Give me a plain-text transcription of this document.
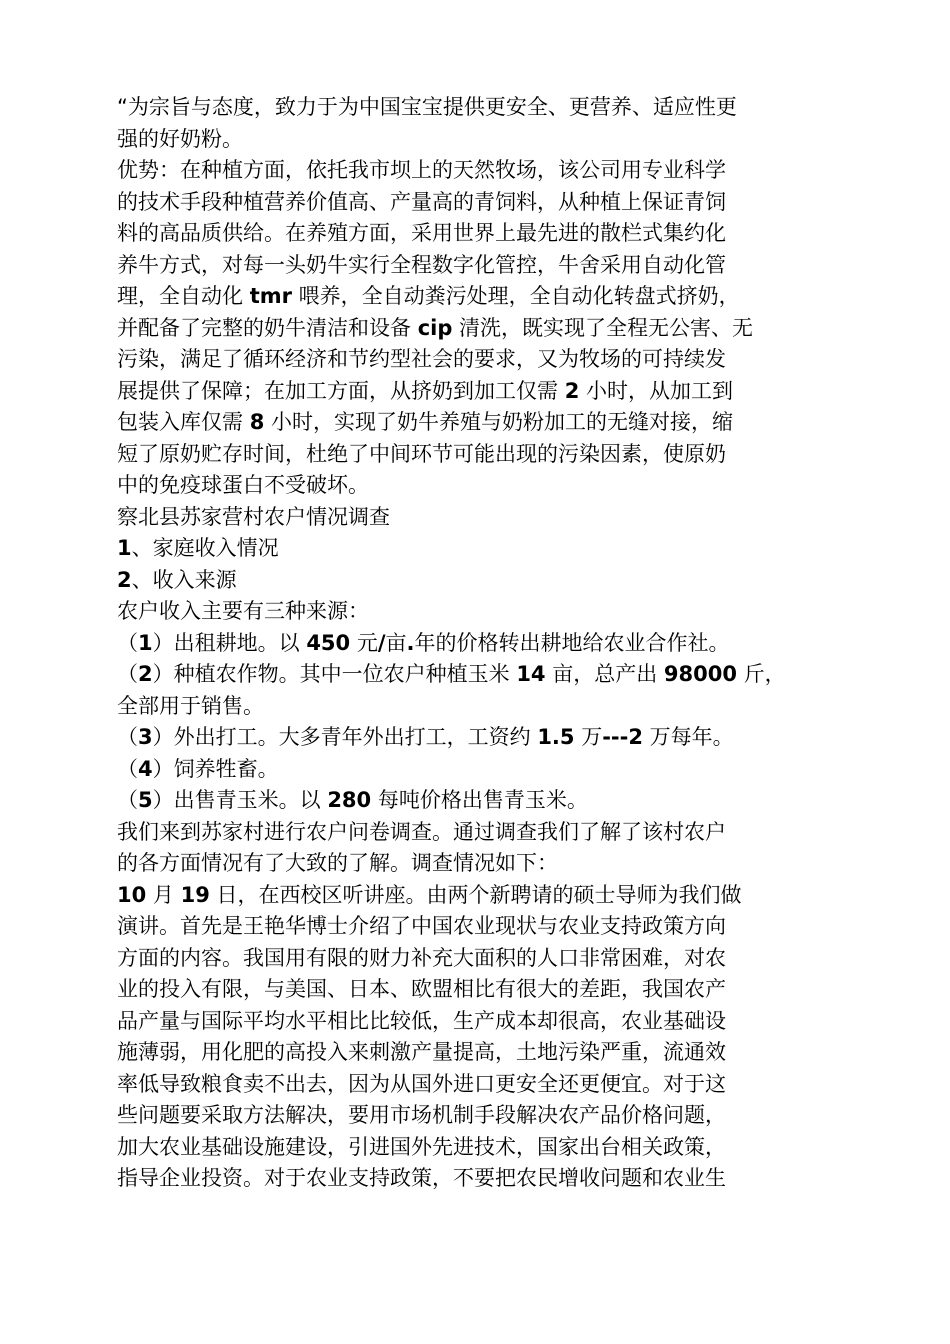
“为宗旨与态度，致力于为中国宝宝提供更安全、更营养、适应性更
强的好奶粉。
优势：在种植方面，依托我市坝上的天然牧场，该公司用专业科学
的技术手段种植营养价值高、产量高的青饲料，从种植上保证青饲
料的高品质供给。在养殖方面，采用世界上最先进的散栏式集约化
养牛方式，对每一头奶牛实行全程数字化管控，牛舍采用自动化管
理，全自动化 tmr 喂养，全自动粪污处理，全自动化转盘式挤奶，
并配备了完整的奶牛清洁和设备 cip 清洗，既实现了全程无公害、无
污染，满足了循环经济和节约型社会的要求，又为牧场的可持续发
展提供了保障；在加工方面，从挤奶到加工仅需 2 小时，从加工到
包装入库仅需 8 小时，实现了奶牛养殖与奶粉加工的无缝对接，缩
短了原奶贮存时间，杜绝了中间环节可能出现的污染因素，使原奶
中的免疫球蛋白不受破坏。
察北县苏家营村农户情况调查
1、家庭收入情况
2、收入来源
农户收入主要有三种来源：
（1）出租耕地。以 450 元/亩.年的价格转出耕地给农业合作社。
（2）种植农作物。其中一位农户种植玉米 14 亩，总产出 98000 斤，
全部用于销售。
（3）外出打工。大多青年外出打工，工资约 1.5 万---2 万每年。
（4）饲养牲畜。
（5）出售青玉米。以 280 每吨价格出售青玉米。
我们来到苏家村进行农户问卷调查。通过调查我们了解了该村农户
的各方面情况有了大致的了解。调查情况如下：
10 月 19 日，在西校区听讲座。由两个新聘请的硕士导师为我们做
演讲。首先是王艳华博士介绍了中国农业现状与农业支持政策方向
方面的内容。我国用有限的财力补充大面积的人口非常困难，对农
业的投入有限，与美国、日本、欧盟相比有很大的差距，我国农产
品产量与国际平均水平相比比较低，生产成本却很高，农业基础设
施薄弱，用化肥的高投入来刺激产量提高，土地污染严重，流通效
率低导致粮食卖不出去，因为从国外进口更安全还更便宜。对于这
些问题要采取方法解决，要用市场机制手段解决农产品价格问题，
加大农业基础设施建设，引进国外先进技术，国家出台相关政策，
指导企业投资。对于农业支持政策，不要把农民增收问题和农业生
